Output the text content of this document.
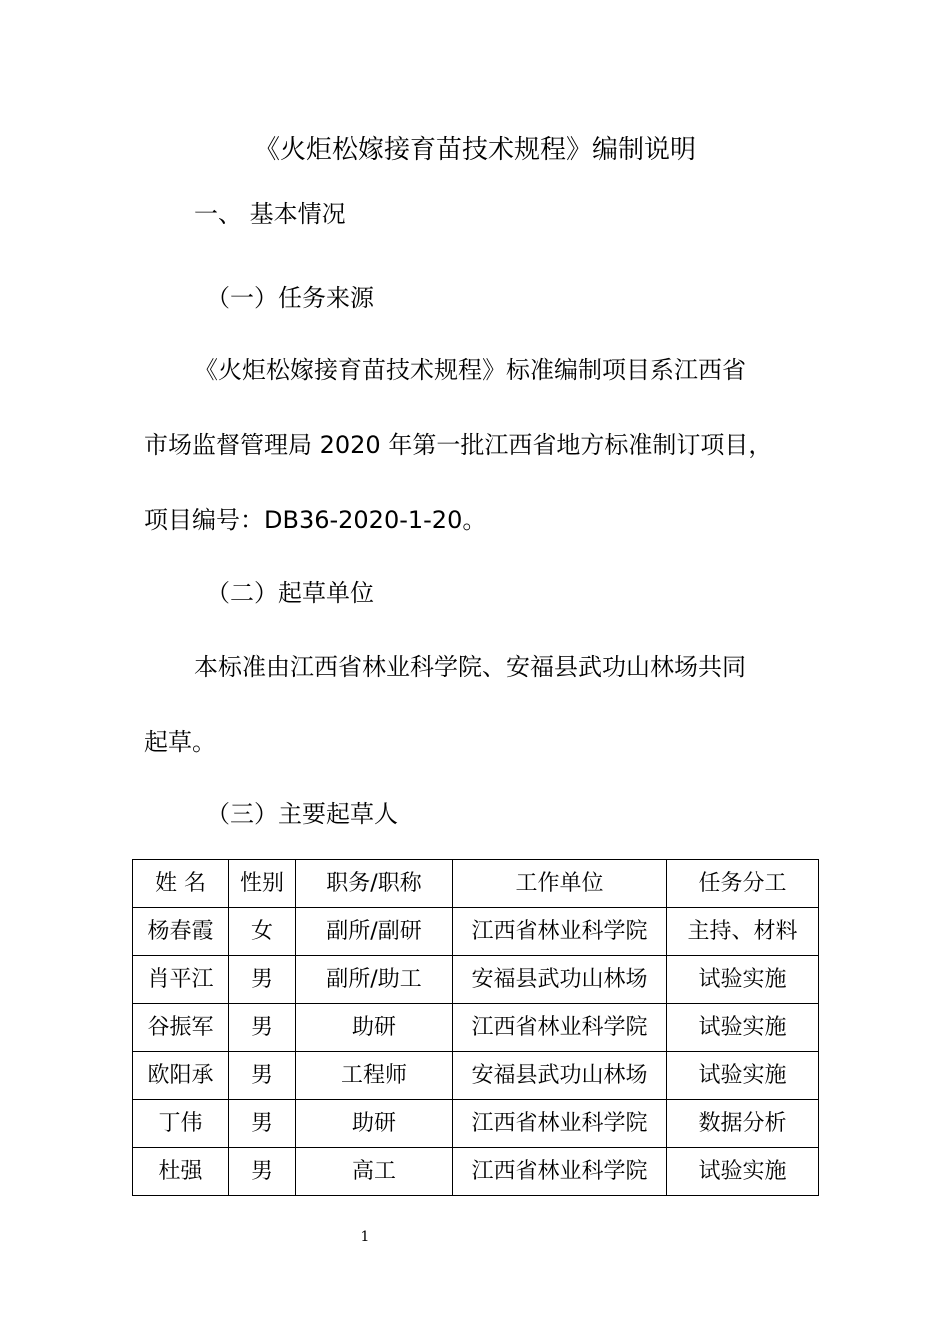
《火炬松嫁接育苗技术规程》编制说明
一、 基本情况
（一）任务来源
《火炬松嫁接育苗技术规程》标准编制项目系江西省
市场监督管理局 2020 年第一批江西省地方标准制订项目，
项目编号：DB36-2020-1-20。
（二）起草单位
本标准由江西省林业科学院、安福县武功山林场共同
起草。
（三）主要起草人
姓 名	性别	职务/职称	工作单位	任务分工
杨春霞	女	副所/副研	江西省林业科学院	主持、材料
肖平江	男	副所/助工	安福县武功山林场	试验实施
谷振军	男	助研	江西省林业科学院	试验实施
欧阳承	男	工程师	安福县武功山林场	试验实施
丁伟	男	助研	江西省林业科学院	数据分析
杜强	男	高工	江西省林业科学院	试验实施
1
